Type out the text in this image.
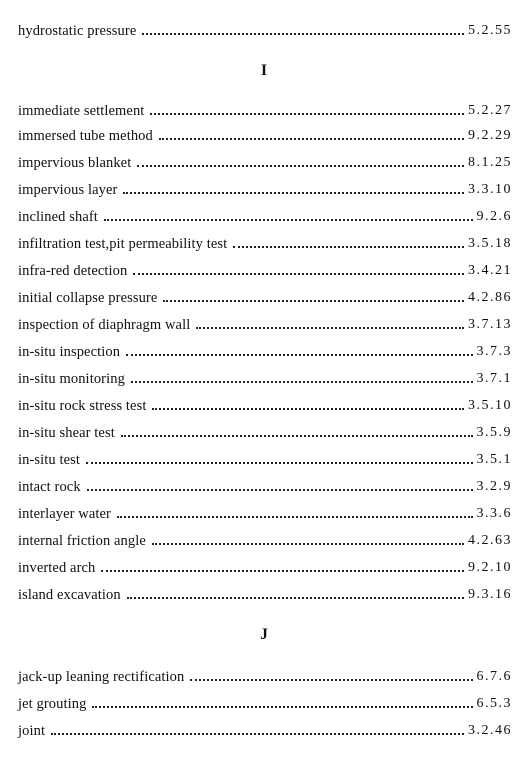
hydrostatic pressure	5.2.55
I
immediate settlement	5.2.27
immersed tube method	9.2.29
impervious blanket	8.1.25
impervious layer	3.3.10
inclined shaft	9.2.6
infiltration test,pit permeability test	3.5.18
infra-red detection	3.4.21
initial collapse pressure	4.2.86
inspection of diaphragm wall	3.7.13
in-situ inspection	3.7.3
in-situ monitoring	3.7.1
in-situ rock stress test	3.5.10
in-situ shear test	3.5.9
in-situ test	3.5.1
intact rock	3.2.9
interlayer water	3.3.6
internal friction angle	4.2.63
inverted arch	9.2.10
island excavation	9.3.16
J
jack-up leaning rectification	6.7.6
jet grouting	6.5.3
joint	3.2.46
